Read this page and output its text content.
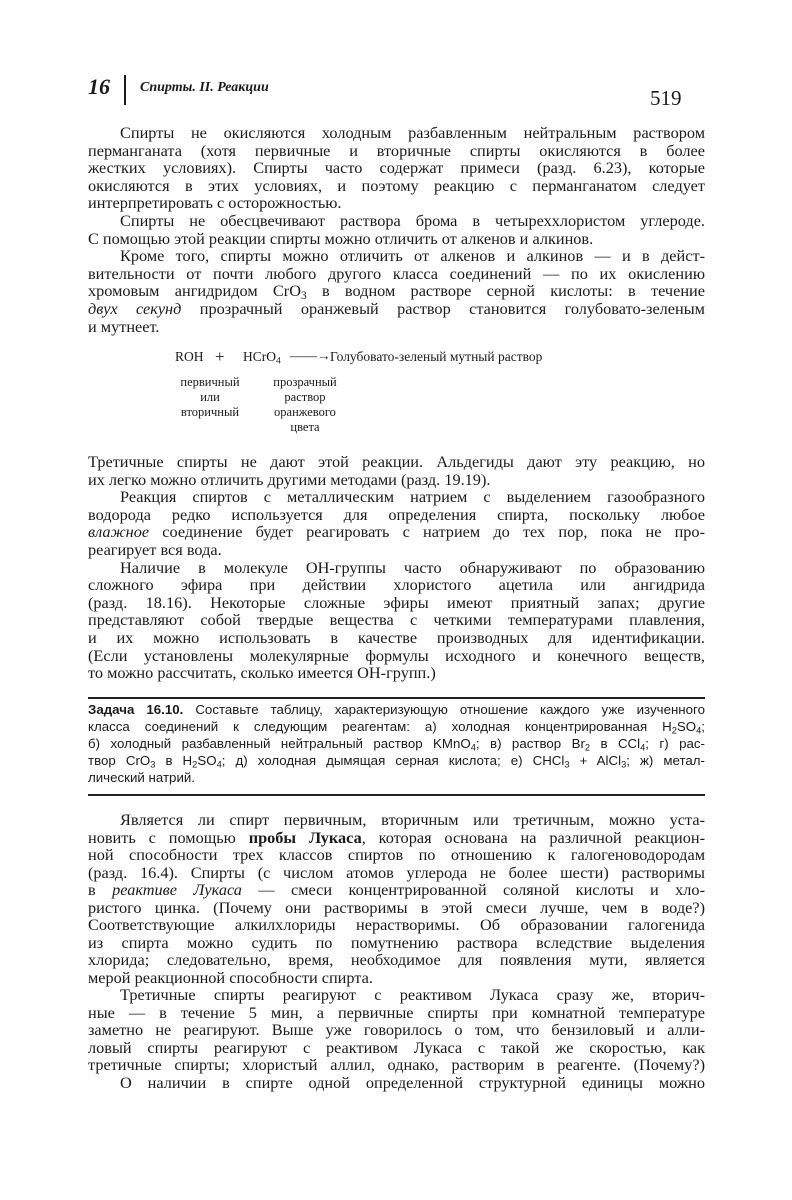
16 Спирты. II. Реакции	519
Спирты не окисляются холодным разбавленным нейтральным раствором
перманганата (хотя первичные и вторичные спирты окисляются в более
жестких условиях). Спирты часто содержат примеси (разд. 6.23), которые
окисляются в этих условиях, и поэтому реакцию с перманганатом следует
интерпретировать с осторожностью.
Спирты не обесцвечивают раствора брома в четыреххлористом углероде.
С помощью этой реакции спирты можно отличить от алкенов и алкинов.
Кроме того, спирты можно отличить от алкенов и алкинов — и в дейст-
вительности от почти любого другого класса соединений — по их окислению
хромовым ангидридом CrO$_3$ в водном растворе серной кислоты: в течение
двух секунд прозрачный оранжевый раствор становится голубовато-зеленым
и мутнеет.
ROH + HCrO$_4$ ——→ Голубовато-зеленый мутный раствор
первичный
или
вторичный
прозрачный
раствор
оранжевого
цвета
Третичные спирты не дают этой реакции. Альдегиды дают эту реакцию, но
их легко можно отличить другими методами (разд. 19.19).
Реакция спиртов с металлическим натрием с выделением газообразного
водорода редко используется для определения спирта, поскольку любое
влажное соединение будет реагировать с натрием до тех пор, пока не про-
реагирует вся вода.
Наличие в молекуле ОН-группы часто обнаруживают по образованию
сложного эфира при действии хлористого ацетила или ангидрида
(разд. 18.16). Некоторые сложные эфиры имеют приятный запах; другие
представляют собой твердые вещества с четкими температурами плавления,
и их можно использовать в качестве производных для идентификации.
(Если установлены молекулярные формулы исходного и конечного веществ,
то можно рассчитать, сколько имеется ОН-групп.)
Задача 16.10. Составьте таблицу, характеризующую отношение каждого уже изученного
класса соединений к следующим реагентам: а) холодная концентрированная $H_2SO_4$;
б) холодный разбавленный нейтральный раствор KMnO$_4$; в) раствор $Br_2$ в CCl$_4$; г) рас-
твор CrO$_3$ в $H_2SO_4$; д) холодная дымящая серная кислота; е) CHCl$_3$ + AlCl$_3$; ж) метал-
лический натрий.
Является ли спирт первичным, вторичным или третичным, можно уста-
новить с помощью пробы Лукаса, которая основана на различной реакцион-
ной способности трех классов спиртов по отношению к галогеноводородам
(разд. 16.4). Спирты (с числом атомов углерода не более шести) растворимы
в реактиве Лукаса — смеси концентрированной соляной кислоты и хло-
ристого цинка. (Почему они растворимы в этой смеси лучше, чем в воде?)
Соответствующие алкилхлориды нерастворимы. Об образовании галогенида
из спирта можно судить по помутнению раствора вследствие выделения
хлорида; следовательно, время, необходимое для появления мути, является
мерой реакционной способности спирта.
Третичные спирты реагируют с реактивом Лукаса сразу же, вторич-
ные — в течение 5 мин, а первичные спирты при комнатной температуре
заметно не реагируют. Выше уже говорилось о том, что бензиловый и алли-
ловый спирты реагируют с реактивом Лукаса с такой же скоростью, как
третичные спирты; хлористый аллил, однако, растворим в реагенте. (Почему?)
О наличии в спирте одной определенной структурной единицы можно
